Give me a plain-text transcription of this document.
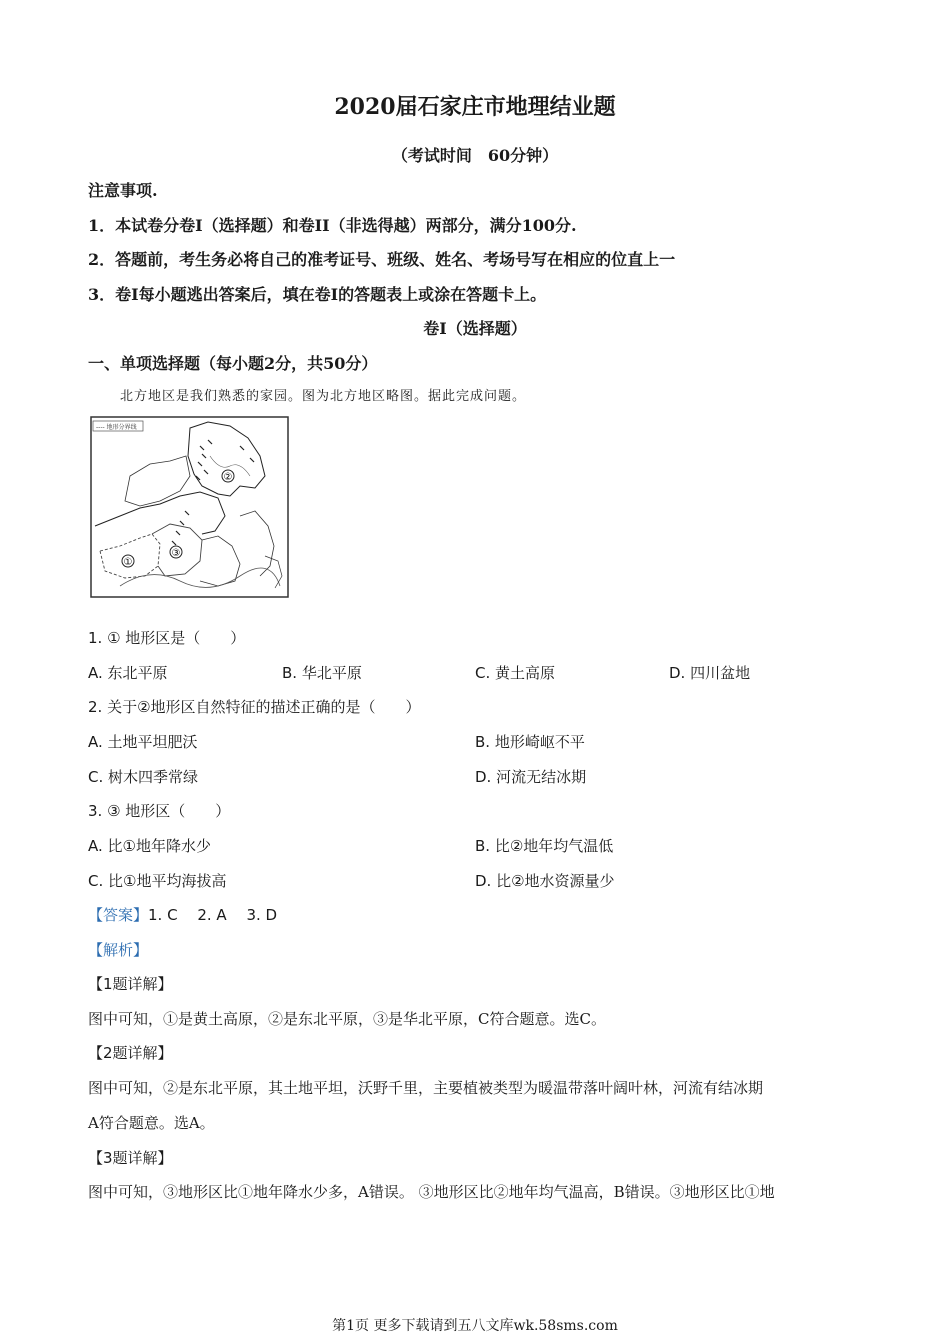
2020届石家庄市地理结业题
（考试时间　60分钟）
注意事项.
1．本试卷分卷Ⅰ（选择题）和卷II（非选得越）两部分，满分100分.
2．答题前，考生务必将自己的准考证号、班级、姓名、考场号写在相应的位直上一
3．卷Ⅰ每小题逃出答案后，填在卷Ⅰ的答题表上或涂在答题卡上。
卷Ⅰ（选择题）
一、单项选择题（每小题2分，共50分）
北方地区是我们熟悉的家园。图为北方地区略图。据此完成问题。
---- 地形分界线
②
①
③
1. ① 地形区是（　　）
A. 东北平原	B. 华北平原	C. 黄土高原	D. 四川盆地
2. 关于②地形区自然特征的描述正确的是（　　）
A. 土地平坦肥沃	B. 地形崎岖不平
C. 树木四季常绿	D. 河流无结冰期
3. ③ 地形区（　　）
A. 比①地年降水少	B. 比②地年均气温低
C. 比①地平均海拔高	D. 比②地水资源量少
【答案】1. C　 2. A　 3. D
【解析】
【1题详解】
图中可知，①是黄土高原，②是东北平原，③是华北平原，C符合题意。选C。
【2题详解】
图中可知，②是东北平原，其土地平坦，沃野千里，主要植被类型为暖温带落叶阔叶林，河流有结冰期
A符合题意。选A。
【3题详解】
图中可知，③地形区比①地年降水少多，A错误。 ③地形区比②地年均气温高，B错误。③地形区比①地
第1页 更多下载请到五八文库wk.58sms.com
